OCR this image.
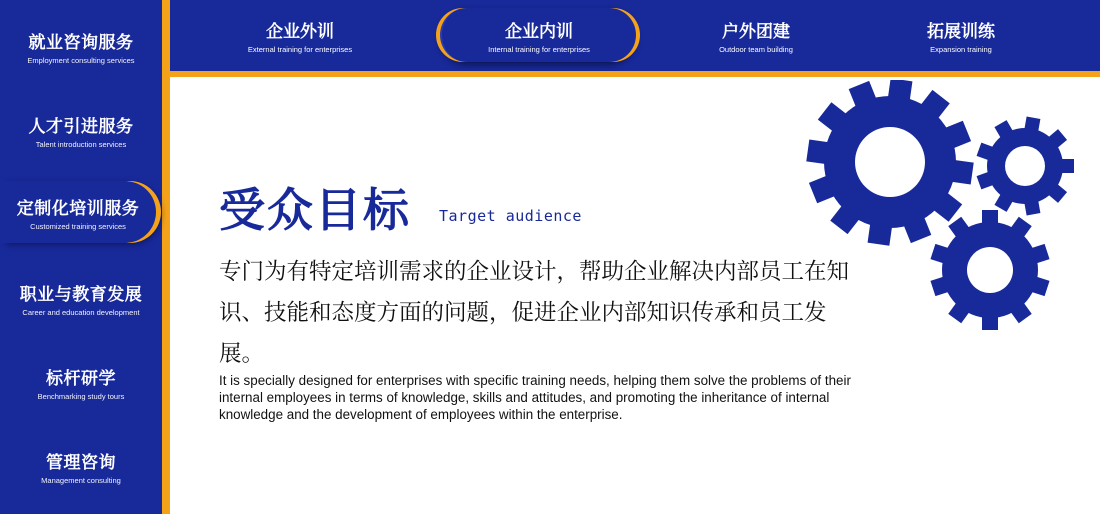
就业咨询服务
Employment consulting services
人才引进服务
Talent introduction services
定制化培训服务
Customized training services
职业与教育发展
Career and education development
标杆研学
Benchmarking study tours
管理咨询
Management consulting
企业外训
External training for enterprises
企业内训
Internal training for enterprises
户外团建
Outdoor team building
拓展训练
Expansion training
受众目标 Target audience

专门为有特定培训需求的企业设计，帮助企业解决内部员工在知识、技能和态度方面的问题，促进企业内部知识传承和员工发展。

It is specially designed for enterprises with specific training needs, helping them solve the problems of their internal employees in terms of knowledge, skills and attitudes, and promoting the inheritance of internal knowledge and the development of employees within the enterprise.
